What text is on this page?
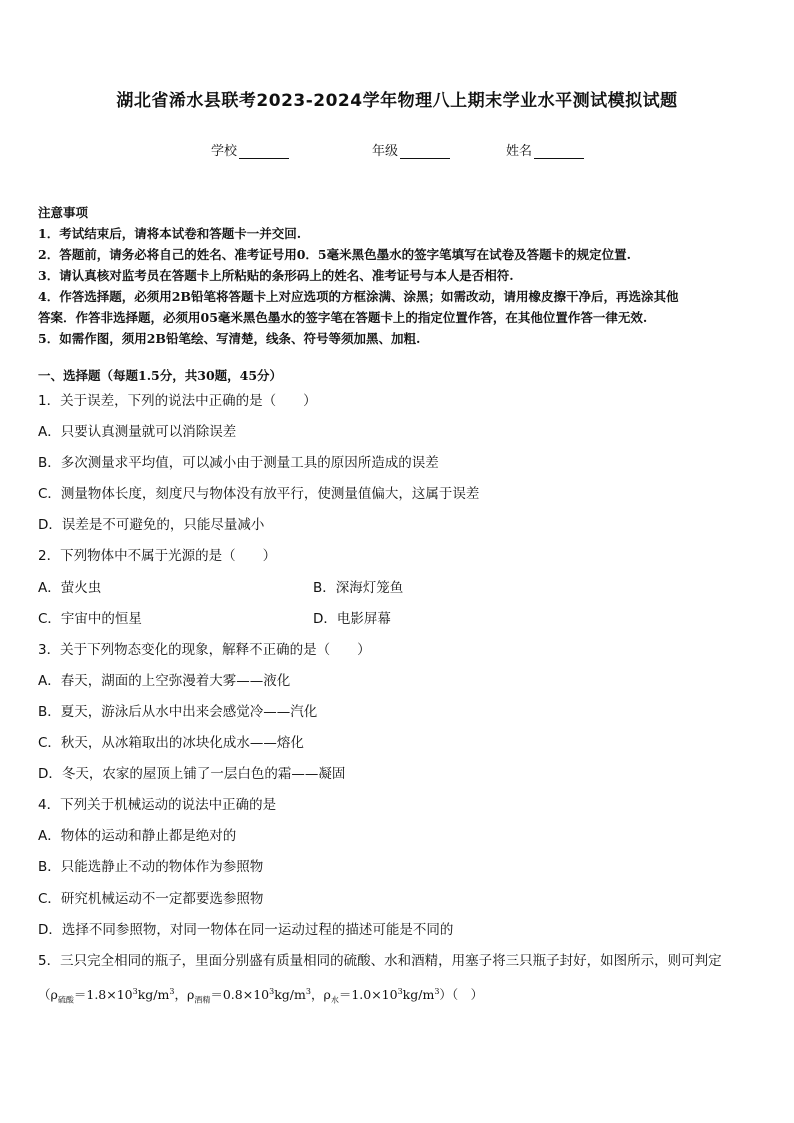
湖北省浠水县联考2023-2024学年物理八上期末学业水平测试模拟试题
学校	年级	姓名
注意事项
1．考试结束后，请将本试卷和答题卡一并交回.
2．答题前，请务必将自己的姓名、准考证号用0．5毫米黑色墨水的签字笔填写在试卷及答题卡的规定位置.
3．请认真核对监考员在答题卡上所粘贴的条形码上的姓名、准考证号与本人是否相符.
4．作答选择题，必须用2B铅笔将答题卡上对应选项的方框涂满、涂黑；如需改动，请用橡皮擦干净后，再选涂其他
答案．作答非选择题，必须用05毫米黑色墨水的签字笔在答题卡上的指定位置作答，在其他位置作答一律无效.
5．如需作图，须用2B铅笔绘、写清楚，线条、符号等须加黑、加粗.
一、选择题（每题1.5分，共30题，45分）
1．关于误差，下列的说法中正确的是（　　）
A．只要认真测量就可以消除误差
B．多次测量求平均值，可以减小由于测量工具的原因所造成的误差
C．测量物体长度，刻度尺与物体没有放平行，使测量值偏大，这属于误差
D．误差是不可避免的，只能尽量减小
2．下列物体中不属于光源的是（　　）
A．萤火虫	B．深海灯笼鱼
C．宇宙中的恒星	D．电影屏幕
3．关于下列物态变化的现象，解释不正确的是（　　）
A．春天，湖面的上空弥漫着大雾——液化
B．夏天，游泳后从水中出来会感觉冷——汽化
C．秋天，从冰箱取出的冰块化成水——熔化
D．冬天，农家的屋顶上铺了一层白色的霜——凝固
4．下列关于机械运动的说法中正确的是
A．物体的运动和静止都是绝对的
B．只能选静止不动的物体作为参照物
C．研究机械运动不一定都要选参照物
D．选择不同参照物，对同一物体在同一运动过程的描述可能是不同的
5．三只完全相同的瓶子，里面分别盛有质量相同的硫酸、水和酒精，用塞子将三只瓶子封好，如图所示，则可判定
（$\rho_{硫酸}=1.8\times 10^3kg/m^3$，$\rho_{酒精}=0.8\times 10^3kg/m^3$，$\rho_水=1.0\times 10^3kg/m^3$）（　）
